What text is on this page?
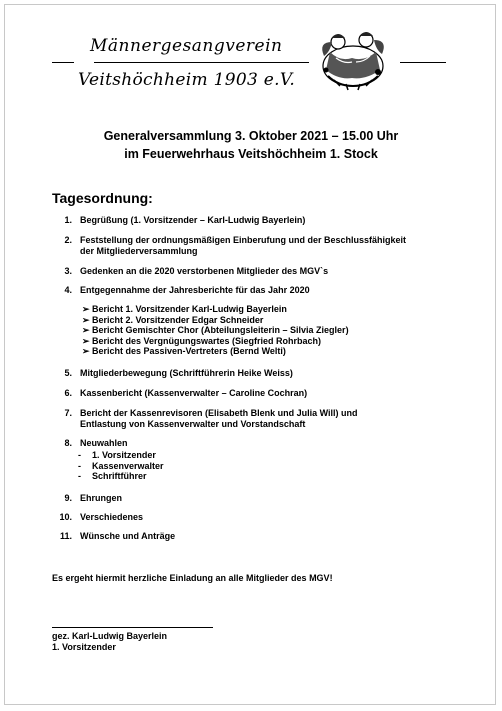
Männergesangverein
Veitshöchheim 1903 e.V.
Generalversammlung 3. Oktober 2021 – 15.00 Uhr
im Feuerwehrhaus Veitshöchheim 1. Stock
Tagesordnung:
1. Begrüßung (1. Vorsitzender – Karl-Ludwig Bayerlein)
2. Feststellung der ordnungsmäßigen Einberufung und der Beschlussfähigkeit
der Mitgliederversammlung
3. Gedenken an die 2020 verstorbenen Mitglieder des MGV`s
4. Entgegennahme der Jahresberichte für das Jahr 2020
➢ Bericht 1. Vorsitzender Karl-Ludwig Bayerlein
➢ Bericht 2. Vorsitzender Edgar Schneider
➢ Bericht Gemischter Chor (Abteilungsleiterin – Silvia Ziegler)
➢ Bericht des Vergnügungswartes (Siegfried Rohrbach)
➢ Bericht des Passiven-Vertreters (Bernd Welti)
5. Mitgliederbewegung (Schriftführerin Heike Weiss)
6. Kassenbericht (Kassenverwalter – Caroline Cochran)
7. Bericht der Kassenrevisoren (Elisabeth Blenk und Julia Will) und
Entlastung von Kassenverwalter und Vorstandschaft
8. Neuwahlen
- 1. Vorsitzender
- Kassenverwalter
- Schriftführer
9. Ehrungen
10. Verschiedenes
11. Wünsche und Anträge
Es ergeht hiermit herzliche Einladung an alle Mitglieder des MGV!
gez. Karl-Ludwig Bayerlein
1. Vorsitzender
